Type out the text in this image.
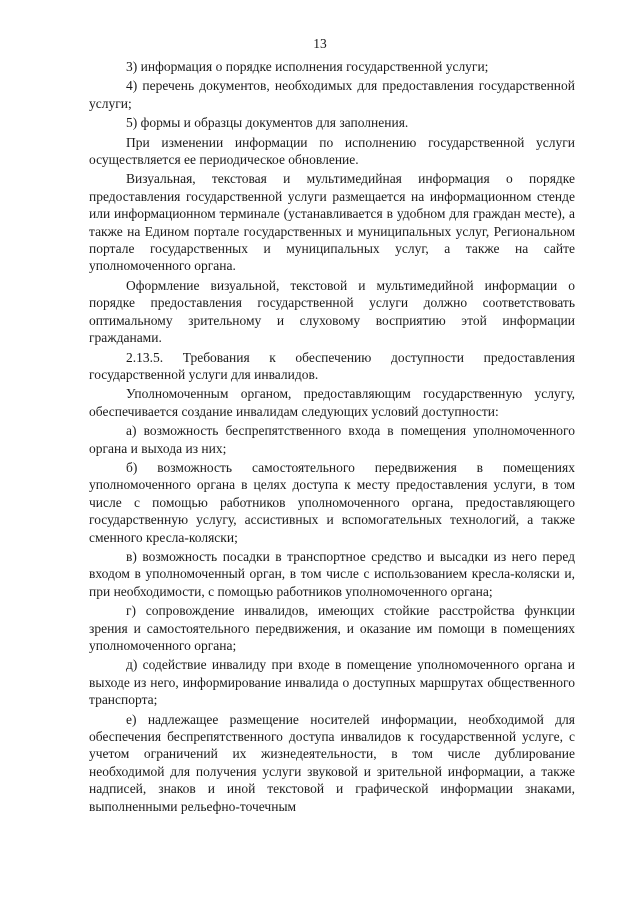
13

3) информация о порядке исполнения государственной услуги;

4) перечень документов, необходимых для предоставления государственной услуги;

5) формы и образцы документов для заполнения.

При изменении информации по исполнению государственной услуги осуществляется ее периодическое обновление.

Визуальная, текстовая и мультимедийная информация о порядке предоставления государственной услуги размещается на информационном стенде или информационном терминале (устанавливается в удобном для граждан месте), а также на Едином портале государственных и муниципальных услуг, Региональном портале государственных и муниципальных услуг, а также на сайте уполномоченного органа.

Оформление визуальной, текстовой и мультимедийной информации о порядке предоставления государственной услуги должно соответствовать оптимальному зрительному и слуховому восприятию этой информации гражданами.

2.13.5. Требования к обеспечению доступности предоставления государственной услуги для инвалидов.

Уполномоченным органом, предоставляющим государственную услугу, обеспечивается создание инвалидам следующих условий доступности:

а) возможность беспрепятственного входа в помещения уполномоченного органа и выхода из них;

б) возможность самостоятельного передвижения в помещениях уполномоченного органа в целях доступа к месту предоставления услуги, в том числе с помощью работников уполномоченного органа, предоставляющего государственную услугу, ассистивных и вспомогательных технологий, а также сменного кресла-коляски;

в) возможность посадки в транспортное средство и высадки из него перед входом в уполномоченный орган, в том числе с использованием кресла-коляски и, при необходимости, с помощью работников уполномоченного органа;

г) сопровождение инвалидов, имеющих стойкие расстройства функции зрения и самостоятельного передвижения, и оказание им помощи в помещениях уполномоченного органа;

д) содействие инвалиду при входе в помещение уполномоченного органа и выходе из него, информирование инвалида о доступных маршрутах общественного транспорта;

е) надлежащее размещение носителей информации, необходимой для обеспечения беспрепятственного доступа инвалидов к государственной услуге, с учетом ограничений их жизнедеятельности, в том числе дублирование необходимой для получения услуги звуковой и зрительной информации, а также надписей, знаков и иной текстовой и графической информации знаками, выполненными рельефно-точечным
